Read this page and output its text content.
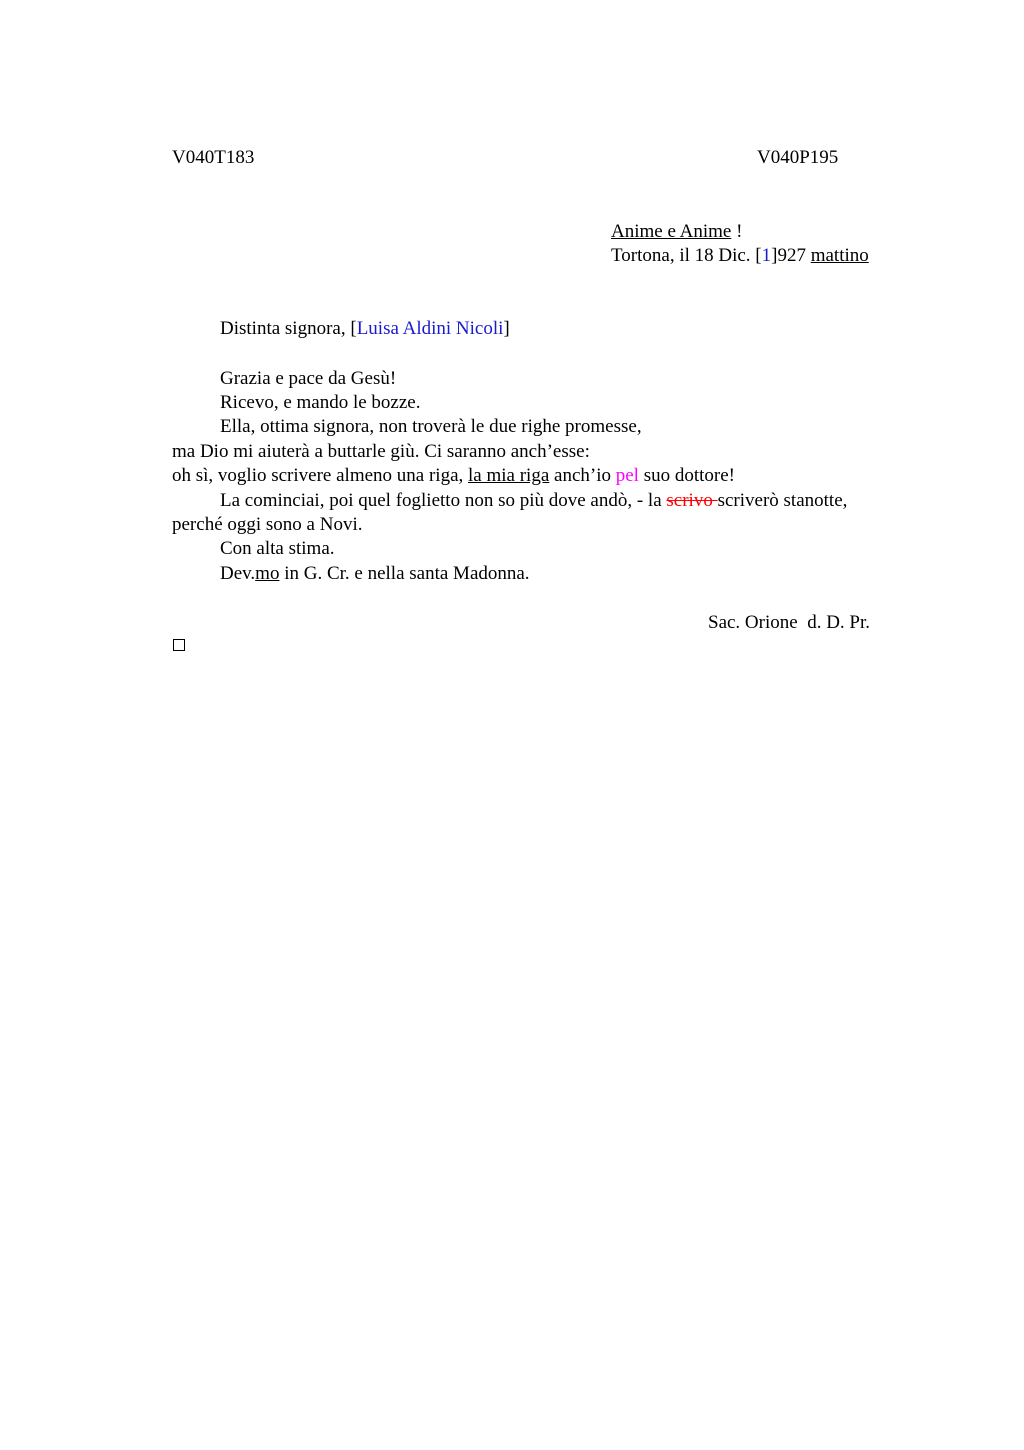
V040T183	V040P195
Anime e Anime !
Tortona, il 18 Dic. [1]927 mattino
Distinta signora, [Luisa Aldini Nicoli]
Grazia e pace da Gesù!
Ricevo, e mando le bozze.
Ella, ottima signora, non troverà le due righe promesse,
ma Dio mi aiuterà a buttarle giù. Ci saranno anch’esse:
oh sì, voglio scrivere almeno una riga, la mia riga anch’io pel suo dottore!
La cominciai, poi quel foglietto non so più dove andò, - la scrivo scriverò stanotte,
perché oggi sono a Novi.
Con alta stima.
Dev.mo in G. Cr. e nella santa Madonna.
Sac. Orione  d. D. Pr.
